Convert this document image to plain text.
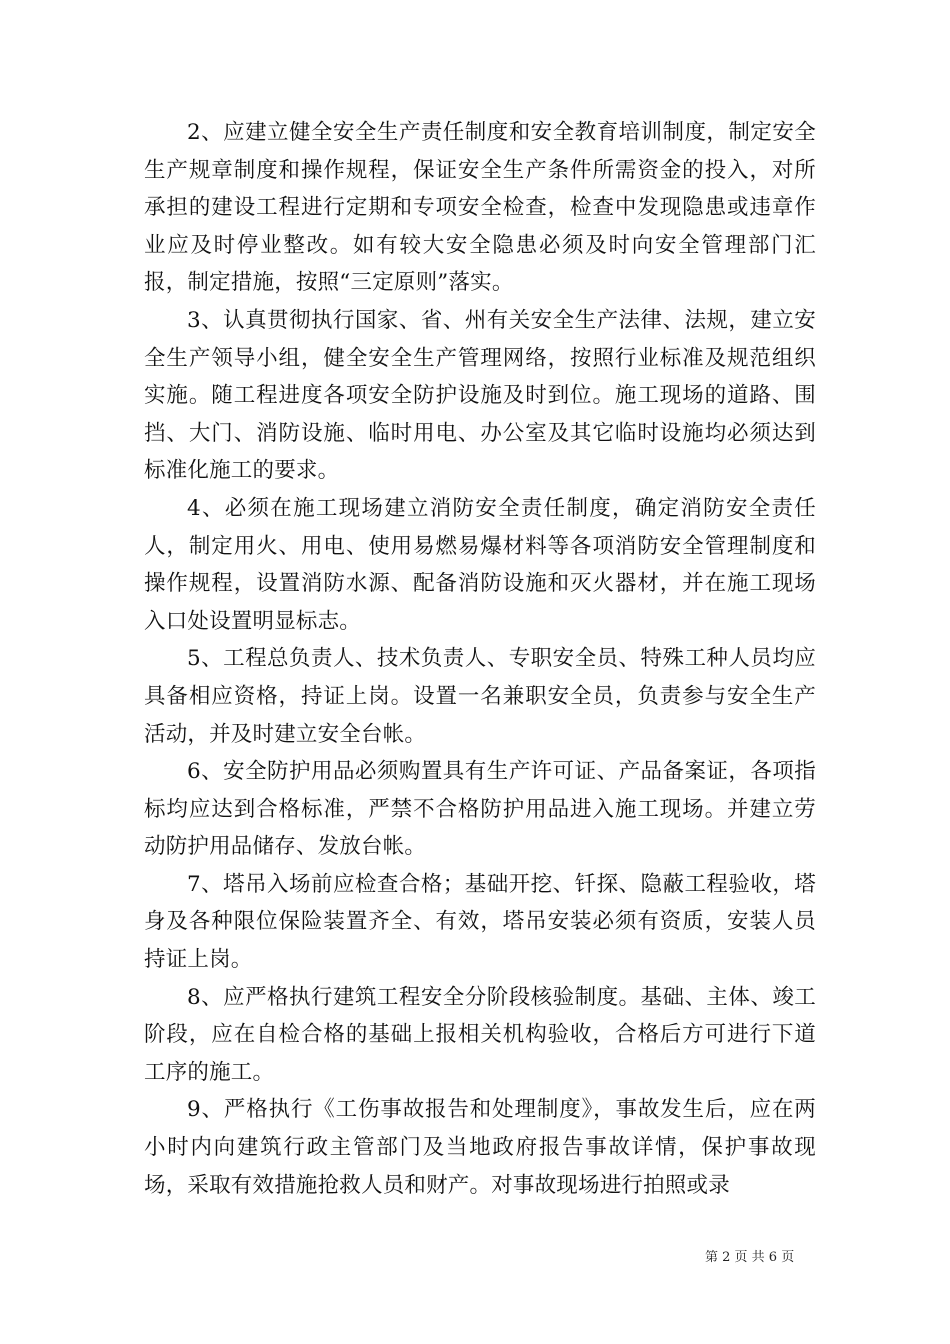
2、应建立健全安全生产责任制度和安全教育培训制度，制定安全生产规章制度和操作规程，保证安全生产条件所需资金的投入，对所承担的建设工程进行定期和专项安全检查，检查中发现隐患或违章作业应及时停业整改。如有较大安全隐患必须及时向安全管理部门汇报，制定措施，按照“三定原则”落实。

3、认真贯彻执行国家、省、州有关安全生产法律、法规，建立安全生产领导小组，健全安全生产管理网络，按照行业标准及规范组织实施。随工程进度各项安全防护设施及时到位。施工现场的道路、围挡、大门、消防设施、临时用电、办公室及其它临时设施均必须达到标准化施工的要求。

4、必须在施工现场建立消防安全责任制度，确定消防安全责任人，制定用火、用电、使用易燃易爆材料等各项消防安全管理制度和操作规程，设置消防水源、配备消防设施和灭火器材，并在施工现场入口处设置明显标志。

5、工程总负责人、技术负责人、专职安全员、特殊工种人员均应具备相应资格，持证上岗。设置一名兼职安全员，负责参与安全生产活动，并及时建立安全台帐。

6、安全防护用品必须购置具有生产许可证、产品备案证，各项指标均应达到合格标准，严禁不合格防护用品进入施工现场。并建立劳动防护用品储存、发放台帐。

7、塔吊入场前应检查合格；基础开挖、钎探、隐蔽工程验收，塔身及各种限位保险装置齐全、有效，塔吊安装必须有资质，安装人员持证上岗。

8、应严格执行建筑工程安全分阶段核验制度。基础、主体、竣工阶段，应在自检合格的基础上报相关机构验收，合格后方可进行下道工序的施工。

9、严格执行《工伤事故报告和处理制度》，事故发生后，应在两小时内向建筑行政主管部门及当地政府报告事故详情，保护事故现场，采取有效措施抢救人员和财产。对事故现场进行拍照或录

第 2 页 共 6 页
